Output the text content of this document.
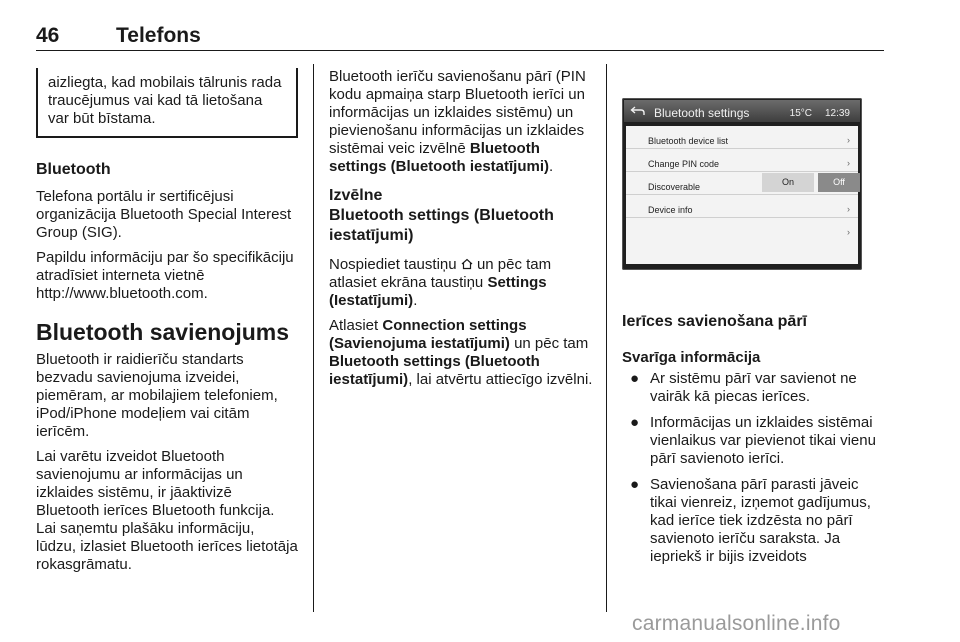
46	Telefons
aizliegta, kad mobilais tālrunis rada traucējumus vai kad tā lietošana var būt bīstama.
Bluetooth

Telefona portālu ir sertificējusi organizācija Bluetooth Special Interest Group (SIG).

Papildu informāciju par šo specifikāciju atradīsiet interneta vietnē http://www.bluetooth.com.

Bluetooth savienojums

Bluetooth ir raidierīču standarts bezvadu savienojuma izveidei, piemēram, ar mobilajiem telefoniem, iPod/iPhone modeļiem vai citām ierīcēm.

Lai varētu izveidot Bluetooth savienojumu ar informācijas un izklaides sistēmu, ir jāaktivizē Bluetooth ierīces Bluetooth funkcija. Lai saņemtu plašāku informāciju, lūdzu, izlasiet Bluetooth ierīces lietotāja rokasgrāmatu.

Bluetooth ierīču savienošanu pārī (PIN kodu apmaiņa starp Bluetooth ierīci un informācijas un izklaides sistēmu) un pievienošanu informācijas un izklaides sistēmai veic izvēlnē Bluetooth settings (Bluetooth iestatījumi).

Izvēlne
Bluetooth settings (Bluetooth iestatījumi)

Nospiediet taustiņu un pēc tam atlasiet ekrāna taustiņu Settings (Iestatījumi).

Atlasiet Connection settings (Savienojuma iestatījumi) un pēc tam Bluetooth settings (Bluetooth iestatījumi), lai atvērtu attiecīgo izvēlni.

Bluetooth settings	15°C 12:39
Bluetooth device list	›
Change PIN code	›
Discoverable	On	Off
Device info	›
›
Ierīces savienošana pārī
Svarīga informācija
● Ar sistēmu pārī var savienot ne vairāk kā piecas ierīces.
● Informācijas un izklaides sistēmai vienlaikus var pievienot tikai vienu pārī savienoto ierīci.
● Savienošana pārī parasti jāveic tikai vienreiz, izņemot gadījumus, kad ierīce tiek izdzēsta no pārī savienoto ierīču saraksta. Ja iepriekš ir bijis izveidots
carmanualsonline.info
